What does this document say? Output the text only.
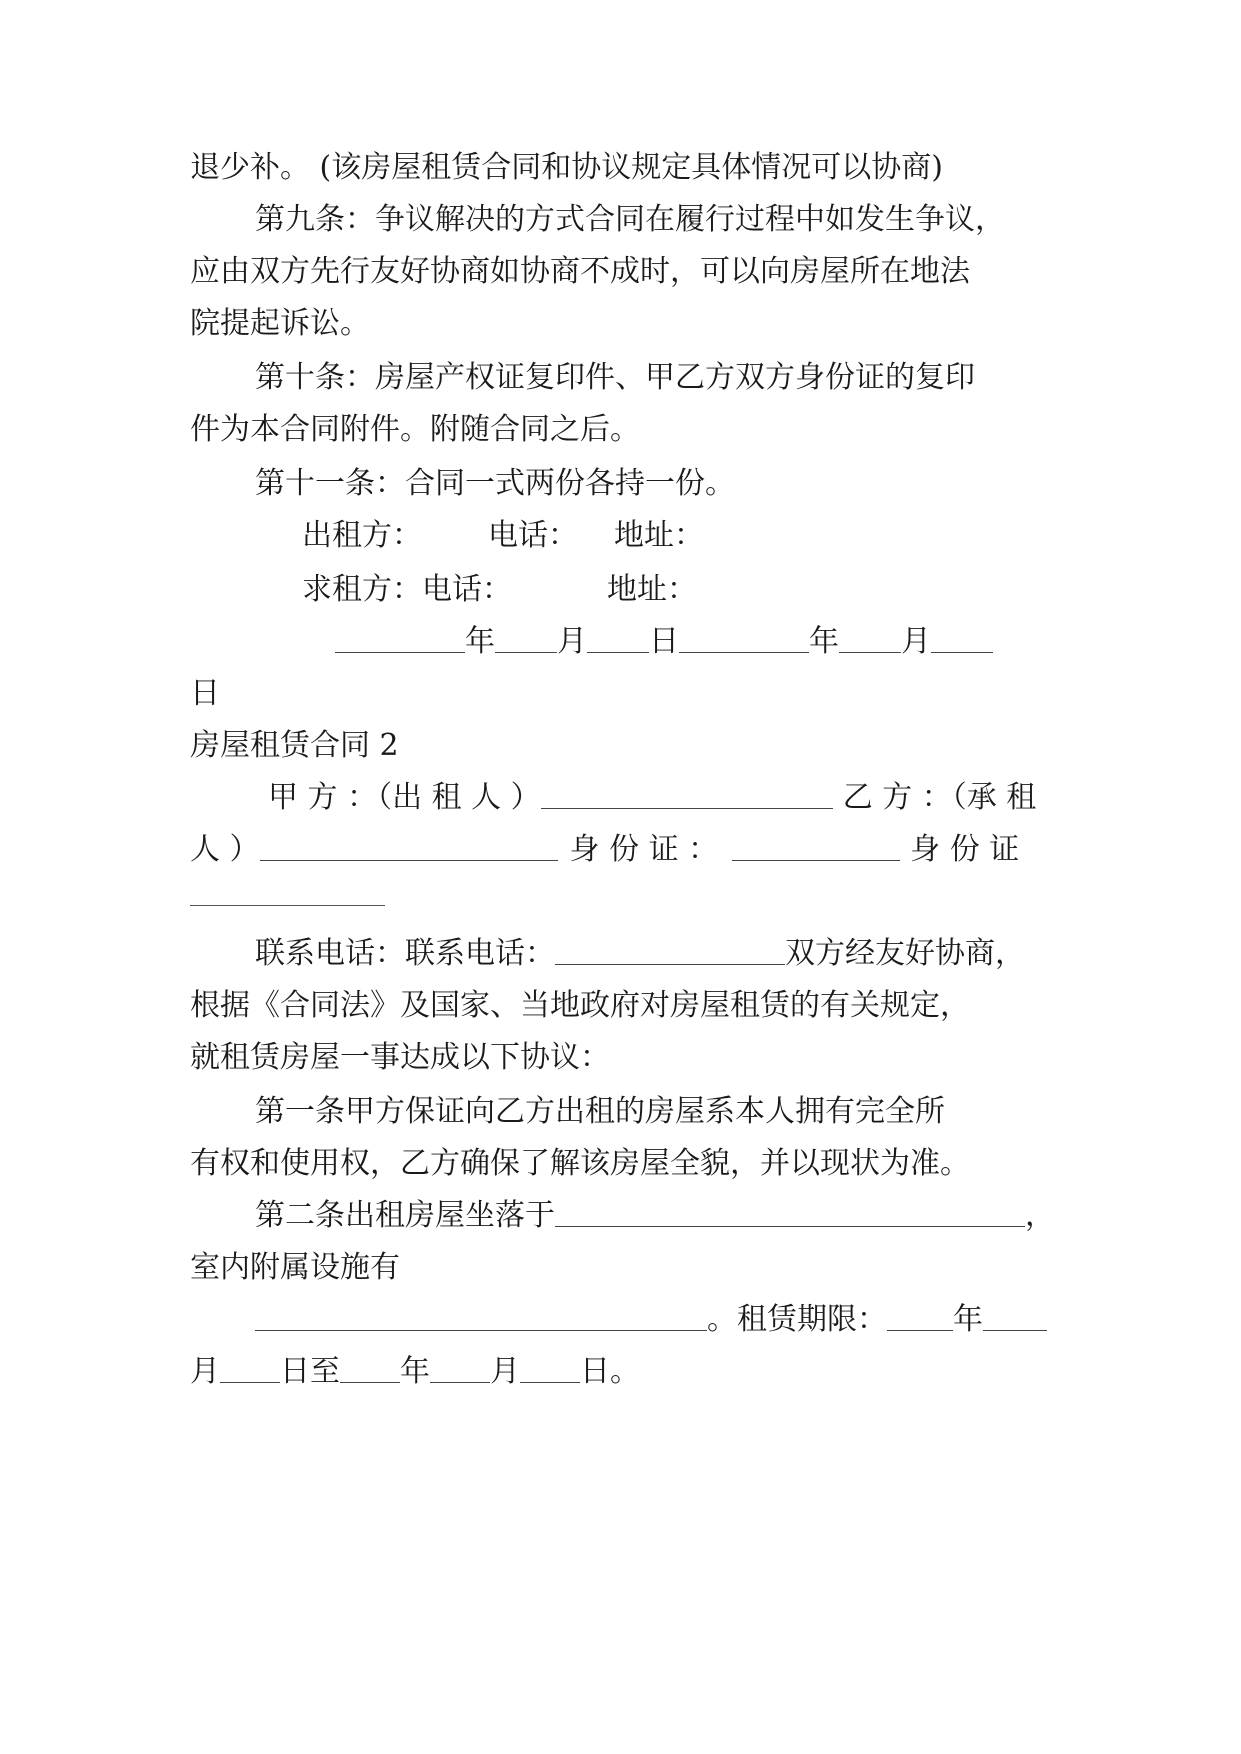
退少补。 (该房屋租赁合同和协议规定具体情况可以协商)
第九条：争议解决的方式合同在履行过程中如发生争议，
应由双方先行友好协商如协商不成时，可以向房屋所在地法
院提起诉讼。
第十条：房屋产权证复印件、甲乙方双方身份证的复印
件为本合同附件。附随合同之后。
第十一条：合同一式两份各持一份。
出租方： 电话： 地址：
求租方：电话：	地址：
年 月 日	年 月
日
房屋租赁合同 2
甲 方 ：（出 租 人 ）	乙 方 ：（承 租
人 ）	身 份 证 ：	身 份 证
联系电话：联系电话：	双方经友好协商，
根据《合同法》及国家、当地政府对房屋租赁的有关规定，
就租赁房屋一事达成以下协议：
第一条甲方保证向乙方出租的房屋系本人拥有完全所
有权和使用权，乙方确保了解该房屋全貌，并以现状为准。
第二条出租房屋坐落于	，
室内附属设施有
。租赁期限： 年
月 日至 年 月 日。
